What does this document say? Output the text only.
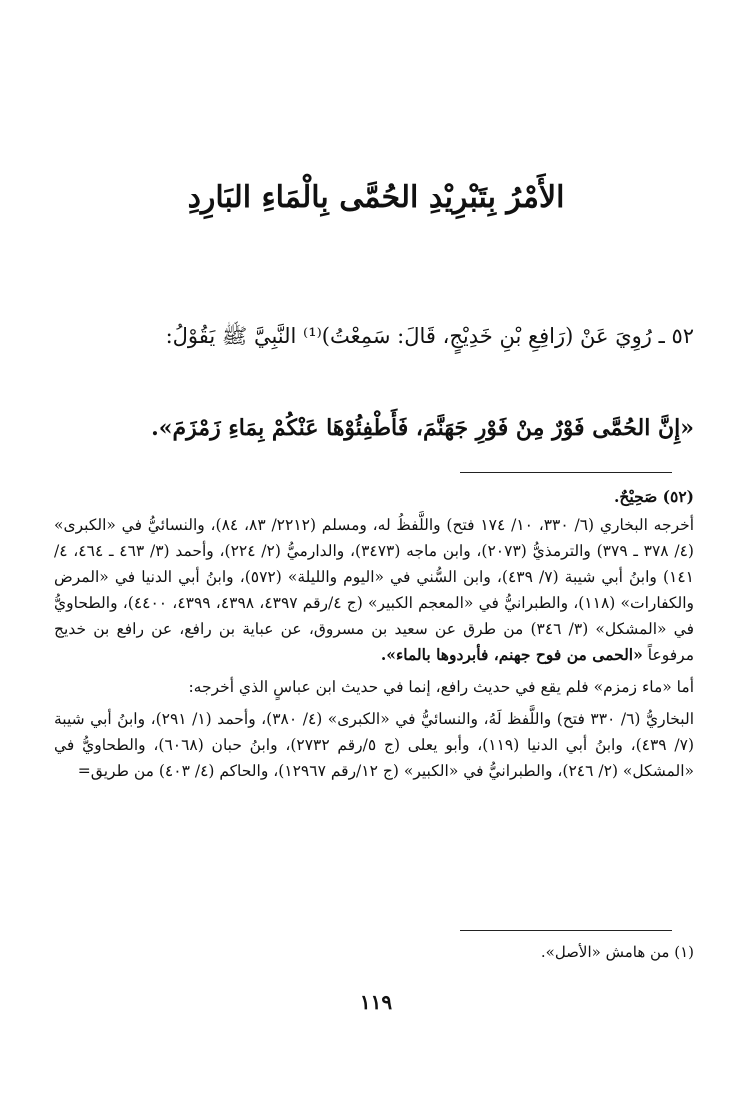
الأَمْرُ بِتَبْرِيْدِ الحُمَّى بِالْمَاءِ البَارِدِ
٥٢ ـ رُوِيَ عَنْ (رَافِعِ بْنِ خَدِيْجٍ، قَالَ: سَمِعْتُ)⁽¹⁾ النَّبِيَّ ﷺ يَقُوْلُ:
«إِنَّ الحُمَّى فَوْرٌ مِنْ فَوْرِ جَهَنَّمَ، فَأَطْفِئُوْهَا عَنْكُمْ بِمَاءِ زَمْزَمَ».

(٥٢) صَحِيْحٌ.

أخرجه البخاري (٦/ ٣٣٠، ١٠/ ١٧٤ فتح) واللَّفظُ له، ومسلم (٢٢١٢/ ٨٣، ٨٤)، والنسائيُّ في «الكبرى» (٤/ ٣٧٨ ـ ٣٧٩) والترمذيُّ (٢٠٧٣)، وابن ماجه (٣٤٧٣)، والدارميُّ (٢/ ٢٢٤)، وأحمد (٣/ ٤٦٣ ـ ٤٦٤، ٤/ ١٤١) وابنُ أبي شيبة (٧/ ٤٣٩)، وابن السُّني في «اليوم والليلة» (٥٧٢)، وابنُ أبي الدنيا في «المرض والكفارات» (١١٨)، والطبرانيُّ في «المعجم الكبير» (ج ٤/رقم ٤٣٩٧، ٤٣٩٨، ٤٣٩٩، ٤٤٠٠)، والطحاويُّ في «المشكل» (٣/ ٣٤٦) من طرق عن سعيد بن مسروق، عن عباية بن رافع، عن رافع بن خديج مرفوعاً «الحمى من فوح جهنم، فأبردوها بالماء».

أما «ماء زمزم» فلم يقع في حديث رافع، إنما في حديث ابن عباسٍ الذي أخرجه:

البخاريُّ (٦/ ٣٣٠ فتح) واللَّفظ لَهُ، والنسائيُّ في «الكبرى» (٤/ ٣٨٠)، وأحمد (١/ ٢٩١)، وابنُ أبي شيبة (٧/ ٤٣٩)، وابنُ أبي الدنيا (١١٩)، وأبو يعلى (ج ٥/رقم ٢٧٣٢)، وابنُ حبان (٦٠٦٨)، والطحاويُّ في «المشكل» (٢/ ٢٤٦)، والطبرانيُّ في «الكبير» (ج ١٢/رقم ١٢٩٦٧)، والحاكم (٤/ ٤٠٣) من طريق=

(١) من هامش «الأصل».
١١٩
